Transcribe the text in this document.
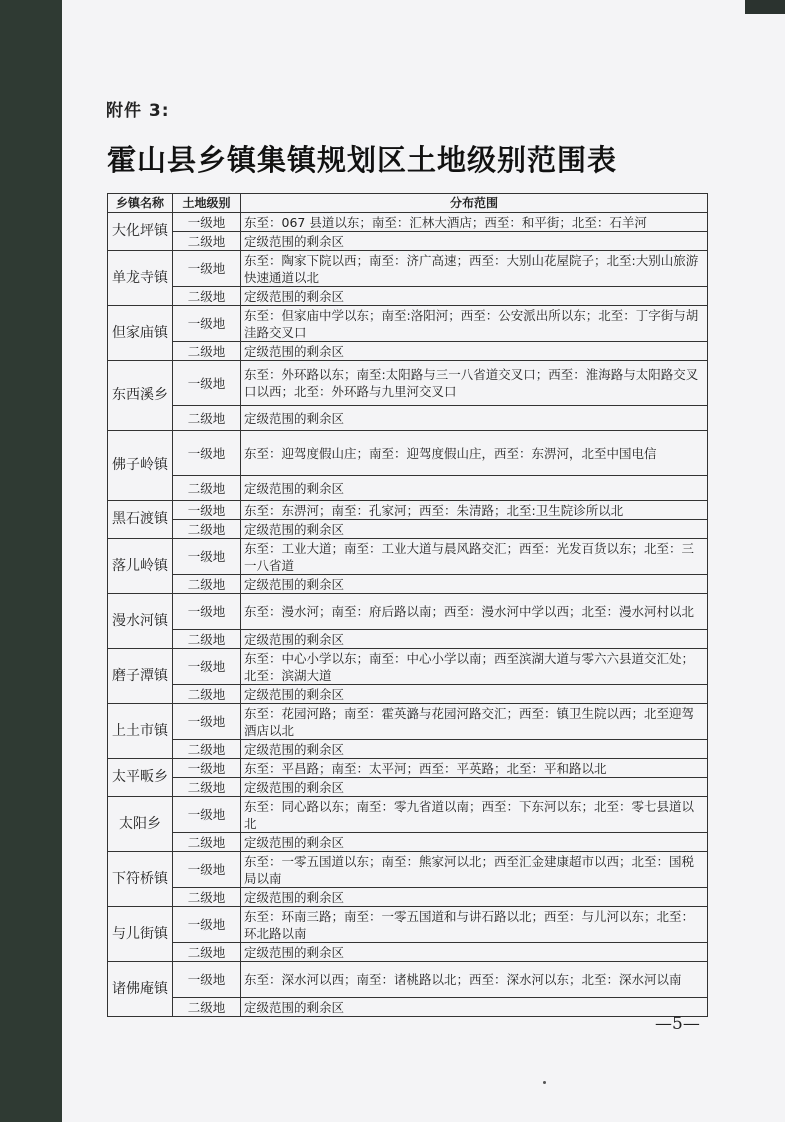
附件 3:
霍山县乡镇集镇规划区土地级别范围表
乡镇名称	土地级别	分布范围
大化坪镇	一级地	东至：067 县道以东；南至：汇林大酒店；西至：和平街；北至：石羊河
	二级地	定级范围的剩余区
单龙寺镇	一级地	东至：陶家下院以西；南至：济广高速；西至：大别山花屋院子；北至:大别山旅游快速通道以北
	二级地	定级范围的剩余区
但家庙镇	一级地	东至：但家庙中学以东；南至:洛阳河；西至：公安派出所以东；北至：丁字街与胡洼路交叉口
	二级地	定级范围的剩余区
东西溪乡	一级地	东至：外环路以东；南至:太阳路与三一八省道交叉口；西至：淮海路与太阳路交叉口以西；北至：外环路与九里河交叉口
	二级地	定级范围的剩余区
佛子岭镇	一级地	东至：迎驾度假山庄；南至：迎驾度假山庄，西至：东淠河，北至中国电信
	二级地	定级范围的剩余区
黑石渡镇	一级地	东至：东淠河；南至：孔家河；西至：朱清路；北至:卫生院诊所以北
	二级地	定级范围的剩余区
落儿岭镇	一级地	东至：工业大道；南至：工业大道与晨风路交汇；西至：光发百货以东；北至：三一八省道
	二级地	定级范围的剩余区
漫水河镇	一级地	东至：漫水河；南至：府后路以南；西至：漫水河中学以西；北至：漫水河村以北
	二级地	定级范围的剩余区
磨子潭镇	一级地	东至：中心小学以东；南至：中心小学以南；西至滨湖大道与零六六县道交汇处；北至：滨湖大道
	二级地	定级范围的剩余区
上土市镇	一级地	东至：花园河路；南至：霍英潞与花园河路交汇；西至：镇卫生院以西；北至迎驾酒店以北
	二级地	定级范围的剩余区
太平畈乡	一级地	东至：平昌路；南至：太平河；西至：平英路；北至：平和路以北
	二级地	定级范围的剩余区
太阳乡	一级地	东至：同心路以东；南至：零九省道以南；西至：下东河以东；北至：零七县道以北
	二级地	定级范围的剩余区
下符桥镇	一级地	东至：一零五国道以东；南至：熊家河以北；西至汇金建康超市以西；北至：国税局以南
	二级地	定级范围的剩余区
与儿街镇	一级地	东至：环南三路；南至：一零五国道和与讲石路以北；西至：与儿河以东；北至：环北路以南
	二级地	定级范围的剩余区
诸佛庵镇	一级地	东至：深水河以西；南至：诸桃路以北；西至：深水河以东；北至：深水河以南
	二级地	定级范围的剩余区
—5—
